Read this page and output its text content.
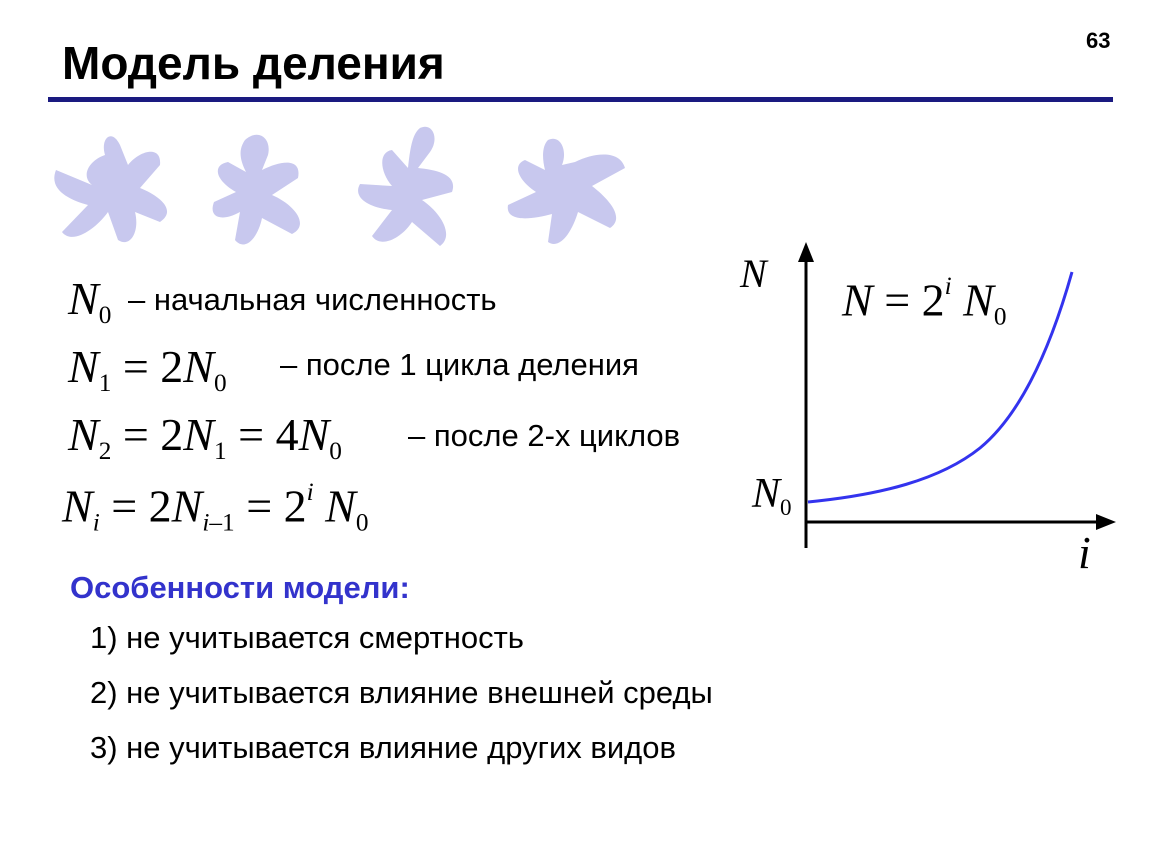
Модель деления	63
$N_0$ – начальная численность
$N_1 = 2N_0$
– после 1 цикла деления
$N_2 = 2N_1 = 4N_0$ – после 2-х циклов
$N_i = 2N_{i-1} = 2^i$ $N_0$
N
$N = 2^i$ $N_0$
$N_0$
i
Особенности модели:
1) не учитывается смертность
2) не учитывается влияние внешней среды
3) не учитывается влияние других видов
